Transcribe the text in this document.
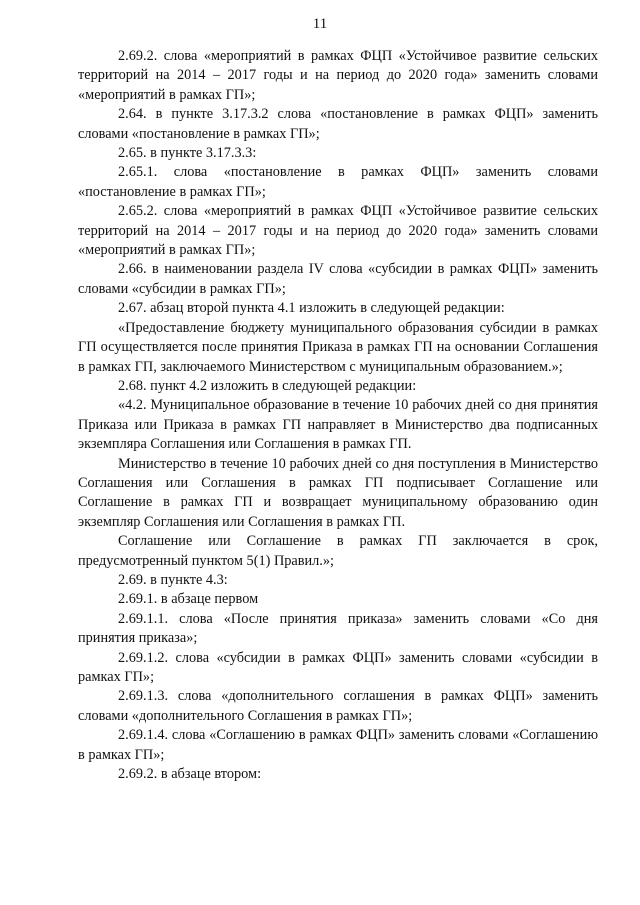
11

2.69.2. слова «мероприятий в рамках ФЦП «Устойчивое развитие сельских территорий на 2014 – 2017 годы и на период до 2020 года» заменить словами «мероприятий в рамках ГП»;

2.64. в пункте 3.17.3.2 слова «постановление в рамках ФЦП» заменить словами «постановление в рамках ГП»;

2.65. в пункте 3.17.3.3:

2.65.1. слова «постановление в рамках ФЦП» заменить словами «постановление в рамках ГП»;

2.65.2. слова «мероприятий в рамках ФЦП «Устойчивое развитие сельских территорий на 2014 – 2017 годы и на период до 2020 года» заменить словами «мероприятий в рамках ГП»;

2.66. в наименовании раздела IV слова «субсидии в рамках ФЦП» заменить словами «субсидии в рамках ГП»;

2.67. абзац второй пункта 4.1 изложить в следующей редакции:

«Предоставление бюджету муниципального образования субсидии в рамках ГП осуществляется после принятия Приказа в рамках ГП на основании Соглашения в рамках ГП, заключаемого Министерством с муниципальным образованием.»;

2.68. пункт 4.2 изложить в следующей редакции:

«4.2. Муниципальное образование в течение 10 рабочих дней со дня принятия Приказа или Приказа в рамках ГП направляет в Министерство два подписанных экземпляра Соглашения или Соглашения в рамках ГП.

Министерство в течение 10 рабочих дней со дня поступления в Министерство Соглашения или Соглашения в рамках ГП подписывает Соглашение или Соглашение в рамках ГП и возвращает муниципальному образованию один экземпляр Соглашения или Соглашения в рамках ГП.

Соглашение или Соглашение в рамках ГП заключается в срок, предусмотренный пунктом 5(1) Правил.»;

2.69. в пункте 4.3:

2.69.1. в абзаце первом

2.69.1.1. слова «После принятия приказа» заменить словами «Со дня принятия приказа»;

2.69.1.2. слова «субсидии в рамках ФЦП» заменить словами «субсидии в рамках ГП»;

2.69.1.3. слова «дополнительного соглашения в рамках ФЦП» заменить словами «дополнительного Соглашения в рамках ГП»;

2.69.1.4. слова «Соглашению в рамках ФЦП» заменить словами «Соглашению в рамках ГП»;

2.69.2. в абзаце втором:
